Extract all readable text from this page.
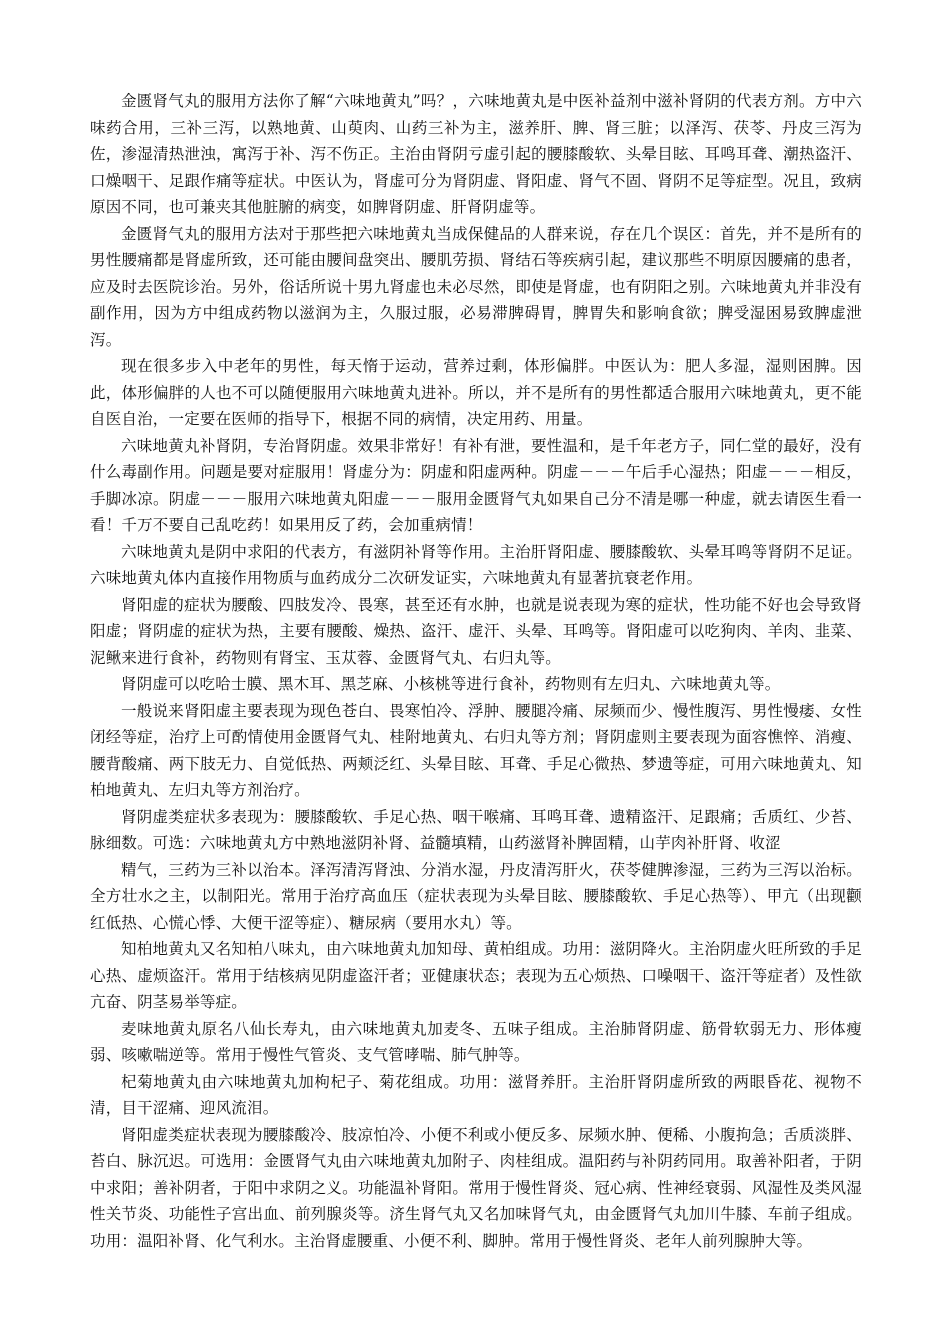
金匮肾气丸的服用方法你了解“六味地黄丸”吗？，六味地黄丸是中医补益剂中滋补肾阴的代表方剂。方中六味药合用，三补三泻，以熟地黄、山萸肉、山药三补为主，滋养肝、脾、肾三脏；以泽泻、茯苓、丹皮三泻为佐，渗湿清热泄浊，寓泻于补、泻不伤正。主治由肾阴亏虚引起的腰膝酸软、头晕目眩、耳鸣耳聋、潮热盗汗、口燥咽干、足跟作痛等症状。中医认为，肾虚可分为肾阴虚、肾阳虚、肾气不固、肾阴不足等症型。况且，致病原因不同，也可兼夹其他脏腑的病变，如脾肾阴虚、肝肾阴虚等。

金匮肾气丸的服用方法对于那些把六味地黄丸当成保健品的人群来说，存在几个误区：首先，并不是所有的男性腰痛都是肾虚所致，还可能由腰间盘突出、腰肌劳损、肾结石等疾病引起，建议那些不明原因腰痛的患者，应及时去医院诊治。另外，俗话所说十男九肾虚也未必尽然，即使是肾虚，也有阴阳之别。六味地黄丸并非没有副作用，因为方中组成药物以滋润为主，久服过服，必易滞脾碍胃，脾胃失和影响食欲；脾受湿困易致脾虚泄泻。

现在很多步入中老年的男性，每天惰于运动，营养过剩，体形偏胖。中医认为：肥人多湿，湿则困脾。因此，体形偏胖的人也不可以随便服用六味地黄丸进补。所以，并不是所有的男性都适合服用六味地黄丸，更不能自医自治，一定要在医师的指导下，根据不同的病情，决定用药、用量。

六味地黄丸补肾阴，专治肾阴虚。效果非常好！有补有泄，要性温和，是千年老方子，同仁堂的最好，没有什么毒副作用。问题是要对症服用！肾虚分为：阴虚和阳虚两种。阴虚－－－午后手心湿热；阳虚－－－相反，手脚冰凉。阴虚－－－服用六味地黄丸阳虚－－－服用金匮肾气丸如果自己分不清是哪一种虚，就去请医生看一看！千万不要自己乱吃药！如果用反了药，会加重病情！

六味地黄丸是阴中求阳的代表方，有滋阴补肾等作用。主治肝肾阳虚、腰膝酸软、头晕耳鸣等肾阴不足证。六味地黄丸体内直接作用物质与血药成分二次研发证实，六味地黄丸有显著抗衰老作用。

肾阳虚的症状为腰酸、四肢发冷、畏寒，甚至还有水肿，也就是说表现为寒的症状，性功能不好也会导致肾阳虚；肾阴虚的症状为热，主要有腰酸、燥热、盗汗、虚汗、头晕、耳鸣等。肾阳虚可以吃狗肉、羊肉、韭菜、泥鳅来进行食补，药物则有肾宝、玉苁蓉、金匮肾气丸、右归丸等。

肾阴虚可以吃哈士膜、黑木耳、黑芝麻、小核桃等进行食补，药物则有左归丸、六味地黄丸等。

一般说来肾阳虚主要表现为现色苍白、畏寒怕冷、浮肿、腰腿冷痛、尿频而少、慢性腹泻、男性慢痿、女性闭经等症，治疗上可酌情使用金匮肾气丸、桂附地黄丸、右归丸等方剂；肾阴虚则主要表现为面容憔悴、消瘦、腰背酸痛、两下肢无力、自觉低热、两颊泛红、头晕目眩、耳聋、手足心微热、梦遗等症，可用六味地黄丸、知柏地黄丸、左归丸等方剂治疗。

肾阴虚类症状多表现为：腰膝酸软、手足心热、咽干喉痛、耳鸣耳聋、遗精盗汗、足跟痛；舌质红、少苔、脉细数。可选：六味地黄丸方中熟地滋阴补肾、益髓填精，山药滋肾补脾固精，山芋肉补肝肾、收涩

精气，三药为三补以治本。泽泻清泻肾浊、分消水湿，丹皮清泻肝火，茯苓健脾渗湿，三药为三泻以治标。全方壮水之主，以制阳光。常用于治疗高血压（症状表现为头晕目眩、腰膝酸软、手足心热等）、甲亢（出现颧红低热、心慌心悸、大便干涩等症）、糖尿病（要用水丸）等。

知柏地黄丸又名知柏八味丸，由六味地黄丸加知母、黄柏组成。功用：滋阴降火。主治阴虚火旺所致的手足心热、虚烦盗汗。常用于结核病见阴虚盗汗者；亚健康状态；表现为五心烦热、口噪咽干、盗汗等症者）及性欲亢奋、阴茎易举等症。

麦味地黄丸原名八仙长寿丸，由六味地黄丸加麦冬、五味子组成。主治肺肾阴虚、筋骨软弱无力、形体瘦弱、咳嗽喘逆等。常用于慢性气管炎、支气管哮喘、肺气肿等。

杞菊地黄丸由六味地黄丸加枸杞子、菊花组成。功用：滋肾养肝。主治肝肾阴虚所致的两眼昏花、视物不清，目干涩痛、迎风流泪。

肾阳虚类症状表现为腰膝酸冷、肢凉怕冷、小便不利或小便反多、尿频水肿、便稀、小腹拘急；舌质淡胖、苔白、脉沉迟。可选用：金匮肾气丸由六味地黄丸加附子、肉桂组成。温阳药与补阴药同用。取善补阳者，于阴中求阳；善补阴者，于阳中求阴之义。功能温补肾阳。常用于慢性肾炎、冠心病、性神经衰弱、风湿性及类风湿性关节炎、功能性子宫出血、前列腺炎等。济生肾气丸又名加味肾气丸，由金匮肾气丸加川牛膝、车前子组成。功用：温阳补肾、化气利水。主治肾虚腰重、小便不利、脚肿。常用于慢性肾炎、老年人前列腺肿大等。
